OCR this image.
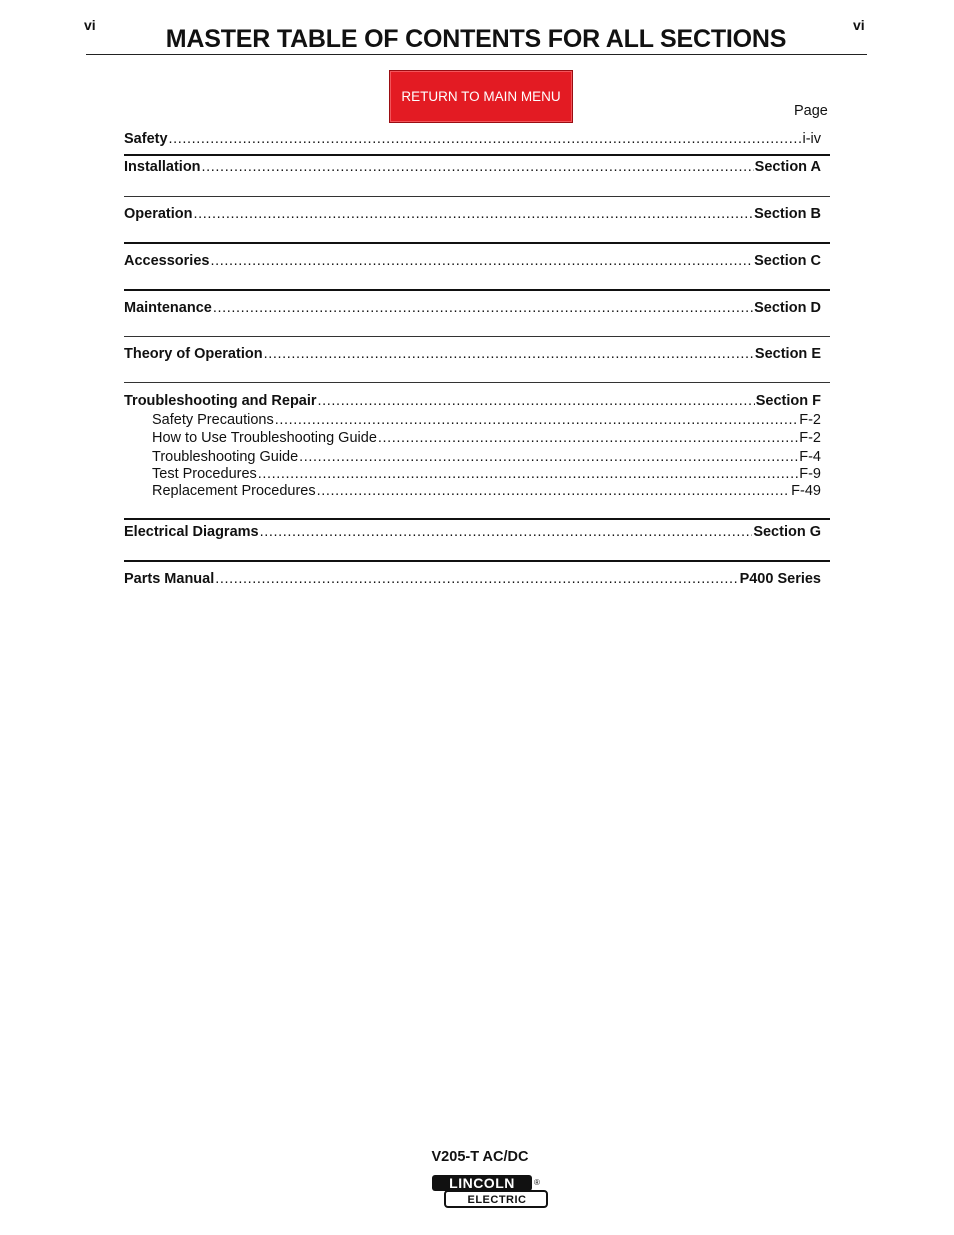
vi	vi
MASTER TABLE OF CONTENTS FOR ALL SECTIONS
RETURN TO MAIN MENU
Page
Safety .....	i-iv
Installation .....	Section A
Operation .....	Section B
Accessories .....	Section C
Maintenance .....	Section D
Theory of Operation .....	Section E
Troubleshooting and Repair .....	Section F
Safety Precautions .....	F-2
How to Use Troubleshooting Guide .....	F-2
Troubleshooting Guide .....	F-4
Test Procedures .....	F-9
Replacement Procedures .....	F-49
Electrical Diagrams .....	Section G
Parts Manual .....	P400 Series
V205-T AC/DC
LINCOLN
ELECTRIC
®
